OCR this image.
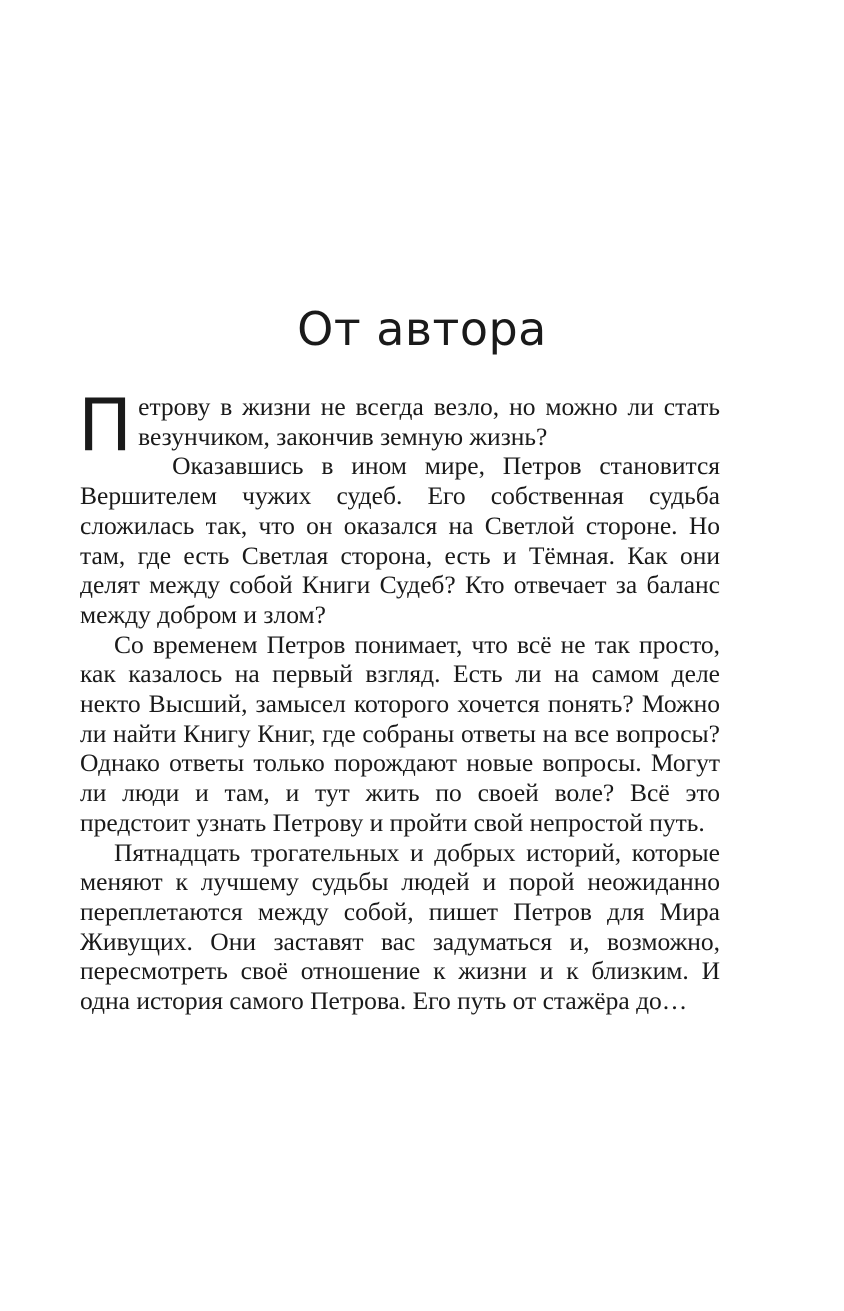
От автора

Петрову в жизни не всегда везло, но можно ли стать везунчиком, закончив земную жизнь?

Оказавшись в ином мире, Петров становится Вершителем чужих судеб. Его собственная судьба сложилась так, что он оказался на Светлой стороне. Но там, где есть Светлая сторона, есть и Тёмная. Как они делят между собой Книги Судеб? Кто отвечает за баланс между добром и злом?

Со временем Петров понимает, что всё не так просто, как казалось на первый взгляд. Есть ли на самом деле некто Высший, замысел которого хочется понять? Можно ли найти Книгу Книг, где собраны ответы на все вопросы? Однако ответы только порождают новые вопросы. Могут ли люди и там, и тут жить по своей воле? Всё это предстоит узнать Петрову и пройти свой непростой путь.

Пятнадцать трогательных и добрых историй, которые меняют к лучшему судьбы людей и порой неожиданно переплетаются между собой, пишет Петров для Мира Живущих. Они заставят вас задуматься и, возможно, пересмотреть своё отношение к жизни и к близким. И одна история самого Петрова. Его путь от стажёра до…
